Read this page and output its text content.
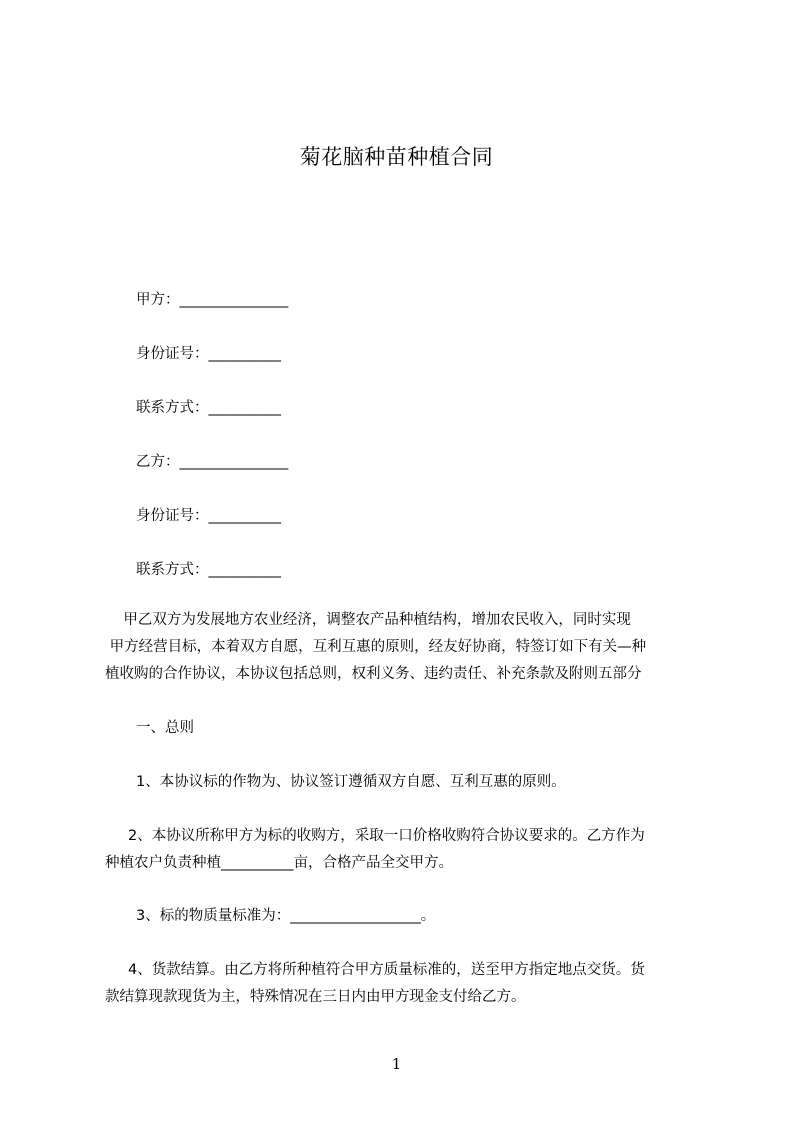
菊花脑种苗种植合同
甲方：_______________
身份证号：__________
联系方式：__________
乙方：_______________
身份证号：__________
联系方式：__________
甲乙双方为发展地方农业经济，调整农产品种植结构，增加农民收入，同时实现
甲方经营目标，本着双方自愿，互利互惠的原则，经友好协商，特签订如下有关—种
植收购的合作协议，本协议包括总则，权利义务、违约责任、补充条款及附则五部分
一、总则
1、本协议标的作物为、协议签订遵循双方自愿、互利互惠的原则。
2、本协议所称甲方为标的收购方，采取一口价格收购符合协议要求的。乙方作为
种植农户负责种植__________亩，合格产品全交甲方。
3、标的物质量标准为：__________________。
4、货款结算。由乙方将所种植符合甲方质量标准的，送至甲方指定地点交货。货
款结算现款现货为主，特殊情况在三日内由甲方现金支付给乙方。
1
